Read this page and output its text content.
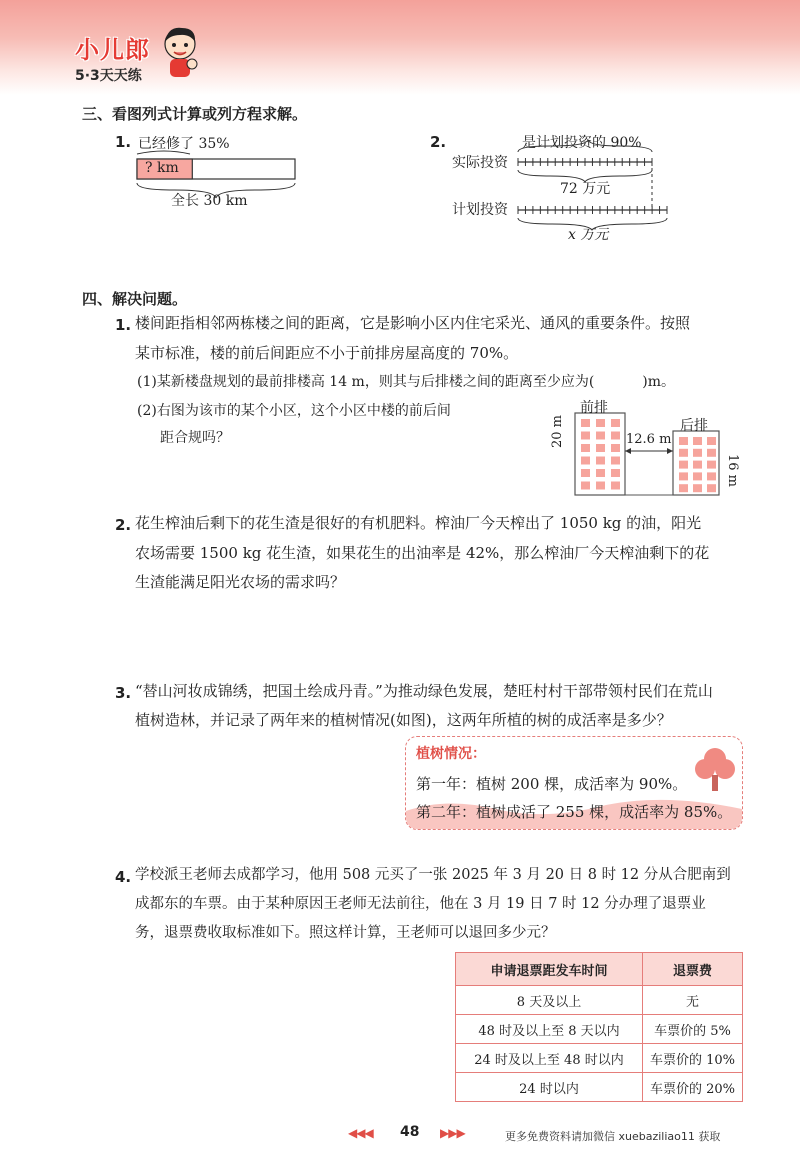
小儿郎
5·3天天练
三、看图列式计算或列方程求解。
1. 已经修了 35%
? km
全长 30 km
2.	是计划投资的 90%
实际投资
计划投资
72 万元
x 万元
四、解决问题。
1. 楼间距指相邻两栋楼之间的距离，它是影响小区内住宅采光、通风的重要条件。按照
某市标准，楼的前后间距应不小于前排房屋高度的 70%。
(1)某新楼盘规划的最前排楼高 14 m，则其与后排楼之间的距离至少应为(	)m。
(2)右图为该市的某个小区，这个小区中楼的前后间
距合规吗？
前排
后排
12.6 m
20 m
16 m
2. 花生榨油后剩下的花生渣是很好的有机肥料。榨油厂今天榨出了 1050 kg 的油，阳光
农场需要 1500 kg 花生渣，如果花生的出油率是 42%，那么榨油厂今天榨油剩下的花
生渣能满足阳光农场的需求吗？
3. “替山河妆成锦绣，把国土绘成丹青。”为推动绿色发展，楚旺村村干部带领村民们在荒山
植树造林，并记录了两年来的植树情况(如图)，这两年所植的树的成活率是多少？
植树情况：
第一年：植树 200 棵，成活率为 90%。
第二年：植树成活了 255 棵，成活率为 85%。
4. 学校派王老师去成都学习，他用 508 元买了一张 2025 年 3 月 20 日 8 时 12 分从合肥南到
成都东的车票。由于某种原因王老师无法前往，他在 3 月 19 日 7 时 12 分办理了退票业
务，退票费收取标准如下。照这样计算，王老师可以退回多少元？
申请退票距发车时间	退票费
8 天及以上	无
48 时及以上至 8 天以内	车票价的 5%
24 时及以上至 48 时以内	车票价的 10%
24 时以内	车票价的 20%
◀◀◀ 48 ▶▶▶	更多免费资料请加微信 xuebaziliao11 获取
